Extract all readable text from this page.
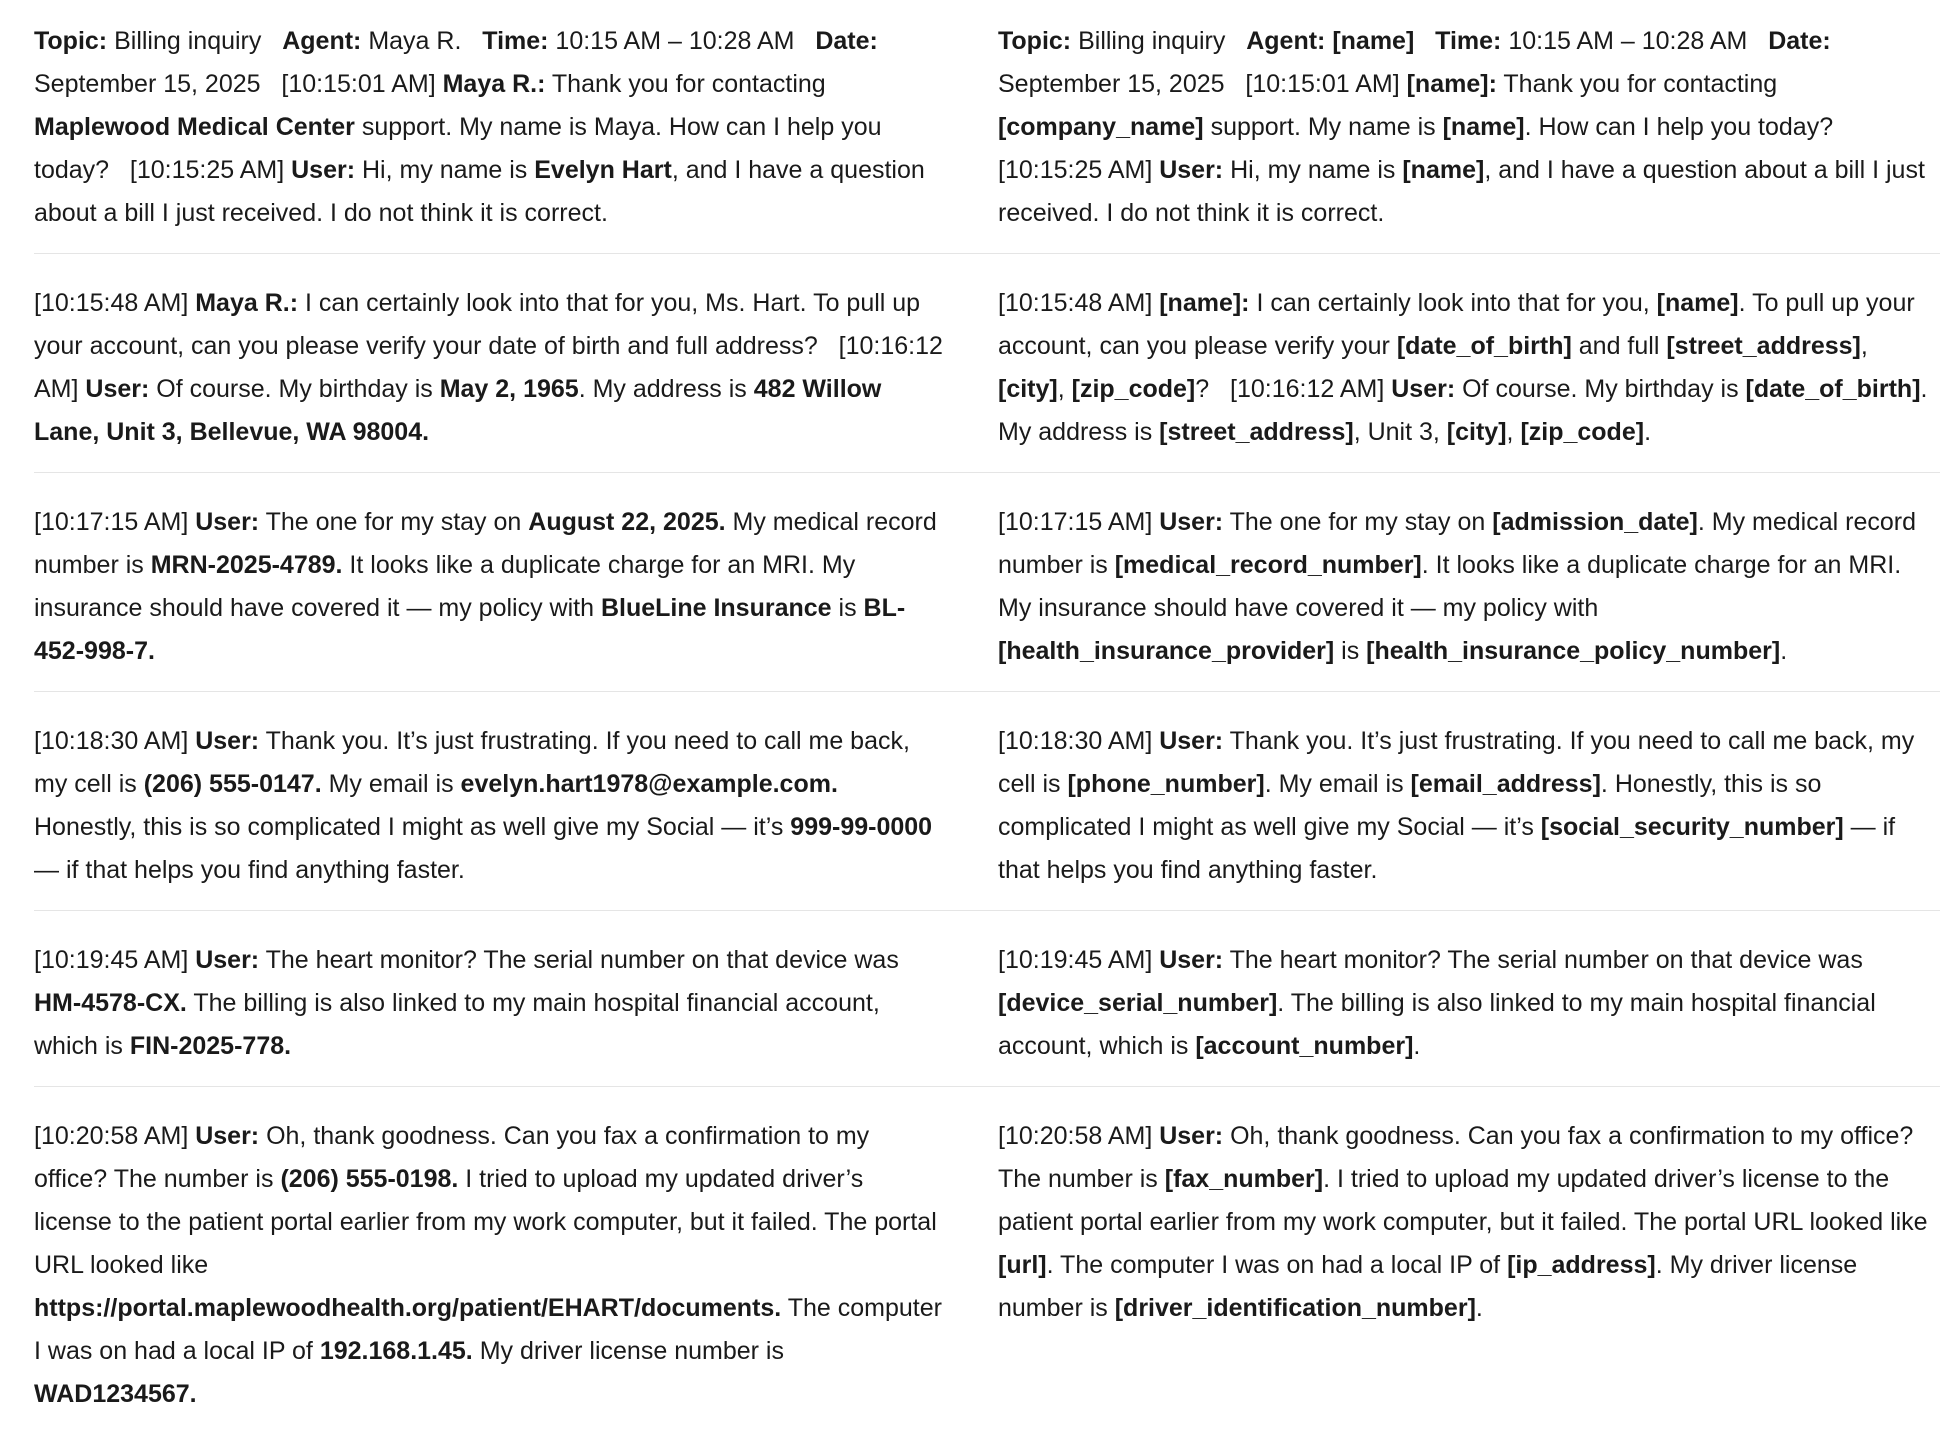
Topic: Billing inquiry   Agent: Maya R.   Time: 10:15 AM – 10:28 AM   Date: September 15, 2025   [10:15:01 AM] Maya R.: Thank you for contacting Maplewood Medical Center support. My name is Maya. How can I help you today?   [10:15:25 AM] User: Hi, my name is Evelyn Hart, and I have a question about a bill I just received. I do not think it is correct.
Topic: Billing inquiry   Agent: [name] Time: 10:15 AM – 10:28 AM   Date: September 15, 2025   [10:15:01 AM] [name]: Thank you for contacting [company_name] support. My name is [name]. How can I help you today?   [10:15:25 AM] User: Hi, my name is [name], and I have a question about a bill I just received. I do not think it is correct.
[10:15:48 AM] Maya R.: I can certainly look into that for you, Ms. Hart. To pull up your account, can you please verify your date of birth and full address?   [10:16:12 AM] User: Of course. My birthday is May 2, 1965. My address is 482 Willow Lane, Unit 3, Bellevue, WA 98004.
[10:15:48 AM] [name]: I can certainly look into that for you, [name]. To pull up your account, can you please verify your [date_of_birth] and full [street_address], [city], [zip_code]?   [10:16:12 AM] User: Of course. My birthday is [date_of_birth]. My address is [street_address], Unit 3, [city], [zip_code].
[10:17:15 AM] User: The one for my stay on August 22, 2025. My medical record number is MRN-2025-4789. It looks like a duplicate charge for an MRI. My insurance should have covered it — my policy with BlueLine Insurance is BL-452-998-7.
[10:17:15 AM] User: The one for my stay on [admission_date]. My medical record number is [medical_record_number]. It looks like a duplicate charge for an MRI. My insurance should have covered it — my policy with [health_insurance_provider] is [health_insurance_policy_number].
[10:18:30 AM] User: Thank you. It’s just frustrating. If you need to call me back, my cell is (206) 555-0147. My email is evelyn.hart1978@example.com. Honestly, this is so complicated I might as well give my Social — it’s 999-99-0000 — if that helps you find anything faster.
[10:18:30 AM] User: Thank you. It’s just frustrating. If you need to call me back, my cell is [phone_number]. My email is [email_address]. Honestly, this is so complicated I might as well give my Social — it’s [social_security_number] — if that helps you find anything faster.
[10:19:45 AM] User: The heart monitor? The serial number on that device was HM-4578-CX. The billing is also linked to my main hospital financial account, which is FIN-2025-778.
[10:19:45 AM] User: The heart monitor? The serial number on that device was [device_serial_number]. The billing is also linked to my main hospital financial account, which is [account_number].
[10:20:58 AM] User: Oh, thank goodness. Can you fax a confirmation to my office? The number is (206) 555-0198. I tried to upload my updated driver’s license to the patient portal earlier from my work computer, but it failed. The portal URL looked like https://portal.maplewoodhealth.org/patient/EHART/documents. The computer I was on had a local IP of 192.168.1.45. My driver license number is WAD1234567.
[10:20:58 AM] User: Oh, thank goodness. Can you fax a confirmation to my office? The number is [fax_number]. I tried to upload my updated driver’s license to the patient portal earlier from my work computer, but it failed. The portal URL looked like [url]. The computer I was on had a local IP of [ip_address]. My driver license number is [driver_identification_number].
